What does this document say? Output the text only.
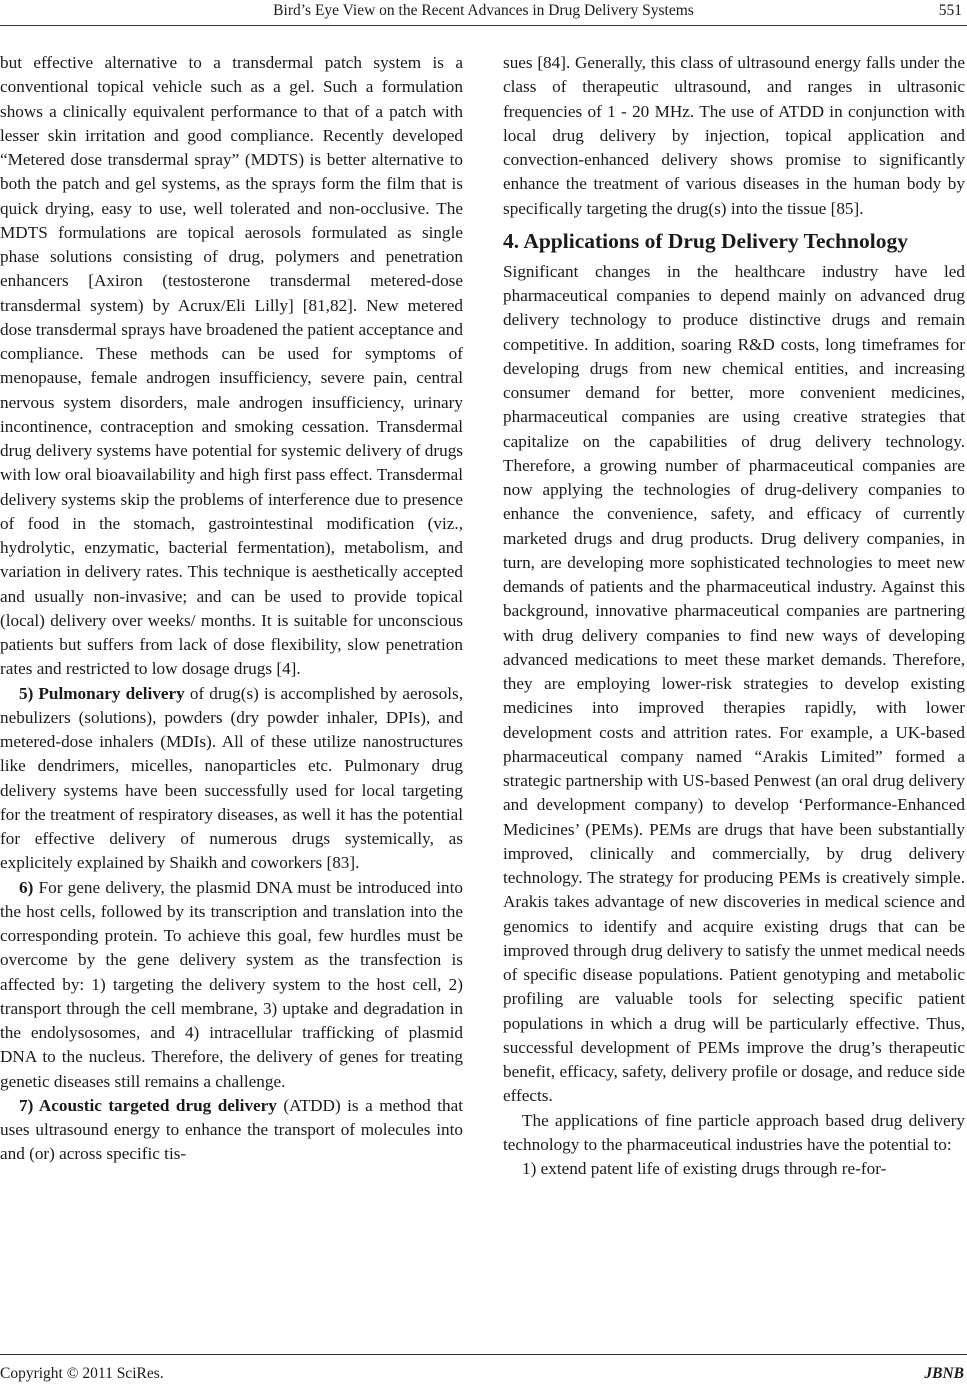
Bird’s Eye View on the Recent Advances in Drug Delivery Systems	551

but effective alternative to a transdermal patch system is a conventional topical vehicle such as a gel. Such a formulation shows a clinically equivalent performance to that of a patch with lesser skin irritation and good compliance. Recently developed “Metered dose transdermal spray” (MDTS) is better alternative to both the patch and gel systems, as the sprays form the film that is quick drying, easy to use, well tolerated and non-occlusive. The MDTS formulations are topical aerosols formulated as single phase solutions consisting of drug, polymers and penetration enhancers [Axiron (testosterone transdermal metered-dose transdermal system) by Acrux/Eli Lilly] [81,82]. New metered dose transdermal sprays have broadened the patient acceptance and compliance. These methods can be used for symptoms of menopause, female androgen insufficiency, severe pain, central nervous system disorders, male androgen insufficiency, urinary incontinence, contraception and smoking cessation. Transdermal drug delivery systems have potential for systemic delivery of drugs with low oral bioavailability and high first pass effect. Transdermal delivery systems skip the problems of interference due to presence of food in the stomach, gastrointestinal modification (viz., hydrolytic, enzymatic, bacterial fermentation), metabolism, and variation in delivery rates. This technique is aesthetically accepted and usually non-invasive; and can be used to provide topical (local) delivery over weeks/ months. It is suitable for unconscious patients but suffers from lack of dose flexibility, slow penetration rates and restricted to low dosage drugs [4].

5) Pulmonary delivery of drug(s) is accomplished by aerosols, nebulizers (solutions), powders (dry powder inhaler, DPIs), and metered-dose inhalers (MDIs). All of these utilize nanostructures like dendrimers, micelles, nanoparticles etc. Pulmonary drug delivery systems have been successfully used for local targeting for the treatment of respiratory diseases, as well it has the potential for effective delivery of numerous drugs systemically, as explicitely explained by Shaikh and coworkers [83].

6) For gene delivery, the plasmid DNA must be introduced into the host cells, followed by its transcription and translation into the corresponding protein. To achieve this goal, few hurdles must be overcome by the gene delivery system as the transfection is affected by: 1) targeting the delivery system to the host cell, 2) transport through the cell membrane, 3) uptake and degradation in the endolysosomes, and 4) intracellular trafficking of plasmid DNA to the nucleus. Therefore, the delivery of genes for treating genetic diseases still remains a challenge.

7) Acoustic targeted drug delivery (ATDD) is a method that uses ultrasound energy to enhance the transport of molecules into and (or) across specific tis-

sues [84]. Generally, this class of ultrasound energy falls under the class of therapeutic ultrasound, and ranges in ultrasonic frequencies of 1 - 20 MHz. The use of ATDD in conjunction with local drug delivery by injection, topical application and convection-enhanced delivery shows promise to significantly enhance the treatment of various diseases in the human body by specifically targeting the drug(s) into the tissue [85].

4. Applications of Drug Delivery Technology

Significant changes in the healthcare industry have led pharmaceutical companies to depend mainly on advanced drug delivery technology to produce distinctive drugs and remain competitive. In addition, soaring R&D costs, long timeframes for developing drugs from new chemical entities, and increasing consumer demand for better, more convenient medicines, pharmaceutical companies are using creative strategies that capitalize on the capabilities of drug delivery technology. Therefore, a growing number of pharmaceutical companies are now applying the technologies of drug-delivery companies to enhance the convenience, safety, and efficacy of currently marketed drugs and drug products. Drug delivery companies, in turn, are developing more sophisticated technologies to meet new demands of patients and the pharmaceutical industry. Against this background, innovative pharmaceutical companies are partnering with drug delivery companies to find new ways of developing advanced medications to meet these market demands. Therefore, they are employing lower-risk strategies to develop existing medicines into improved therapies rapidly, with lower development costs and attrition rates. For example, a UK-based pharmaceutical company named “Arakis Limited” formed a strategic partnership with US-based Penwest (an oral drug delivery and development company) to develop ‘Performance-Enhanced Medicines’ (PEMs). PEMs are drugs that have been substantially improved, clinically and commercially, by drug delivery technology. The strategy for producing PEMs is creatively simple. Arakis takes advantage of new discoveries in medical science and genomics to identify and acquire existing drugs that can be improved through drug delivery to satisfy the unmet medical needs of specific disease populations. Patient genotyping and metabolic profiling are valuable tools for selecting specific patient populations in which a drug will be particularly effective. Thus, successful development of PEMs improve the drug’s therapeutic benefit, efficacy, safety, delivery profile or dosage, and reduce side effects.

The applications of fine particle approach based drug delivery technology to the pharmaceutical industries have the potential to:

1) extend patent life of existing drugs through re-for-

Copyright © 2011 SciRes.	JBNB
